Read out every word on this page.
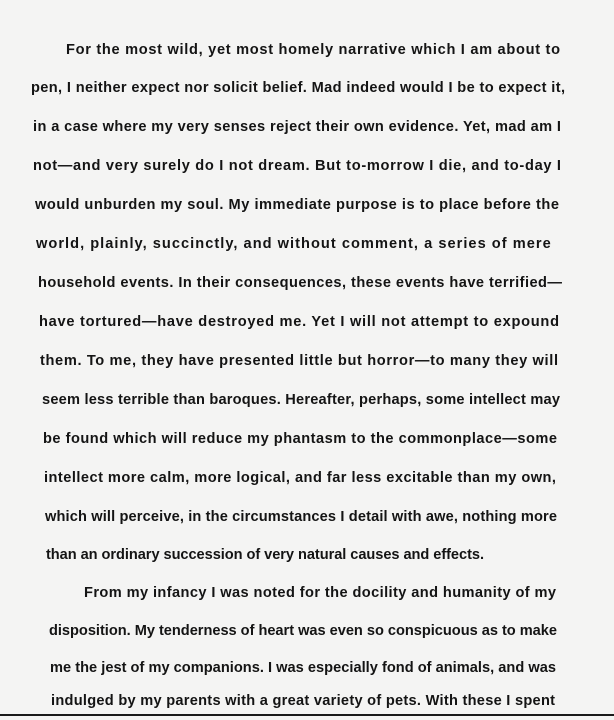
For the most wild, yet most homely narrative which I am about to
pen, I neither expect nor solicit belief. Mad indeed would I be to expect it,
in a case where my very senses reject their own evidence. Yet, mad am I
not—and very surely do I not dream. But to-morrow I die, and to-day I
would unburden my soul. My immediate purpose is to place before the
world, plainly, succinctly, and without comment, a series of mere
household events. In their consequences, these events have terrified—
have tortured—have destroyed me. Yet I will not attempt to expound
them. To me, they have presented little but horror—to many they will
seem less terrible than baroques. Hereafter, perhaps, some intellect may
be found which will reduce my phantasm to the commonplace—some
intellect more calm, more logical, and far less excitable than my own,
which will perceive, in the circumstances I detail with awe, nothing more
than an ordinary succession of very natural causes and effects.
From my infancy I was noted for the docility and humanity of my
disposition. My tenderness of heart was even so conspicuous as to make
me the jest of my companions. I was especially fond of animals, and was
indulged by my parents with a great variety of pets. With these I spent
